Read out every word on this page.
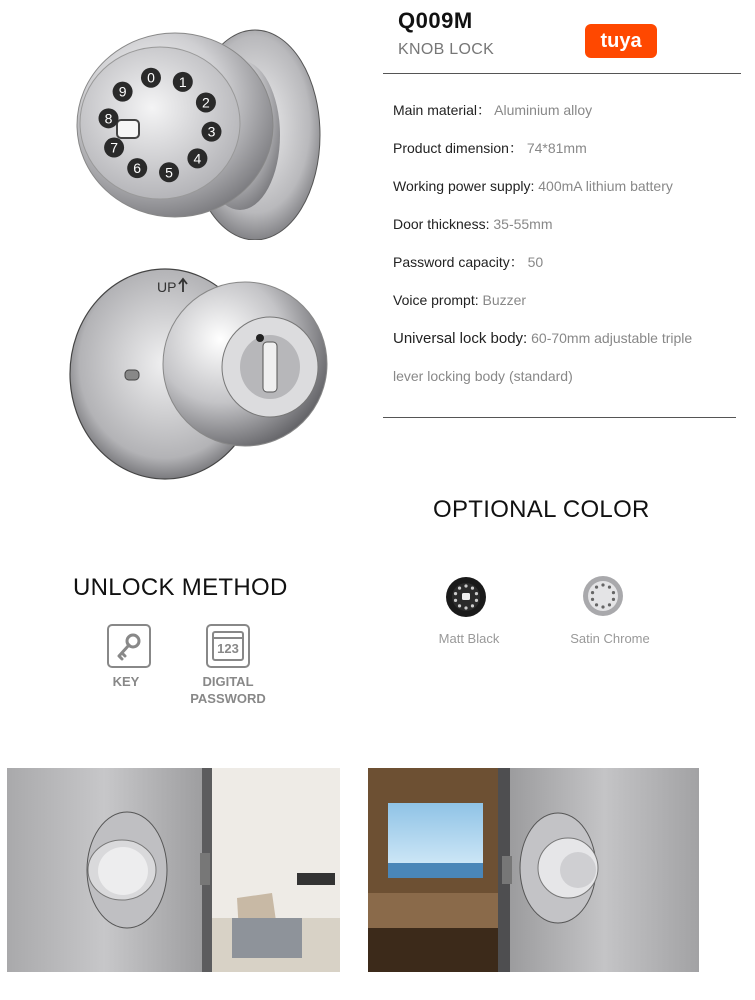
Q009M
KNOB LOCK	tuya
Main material： Aluminium alloy
Product dimension： 74*81mm
Working power supply: 400mA lithium battery
Door thickness: 35-55mm
Password capacity： 50
Voice prompt: Buzzer
Universal lock body: 60-70mm adjustable triple
lever locking body (standard)
0 1
2
3
4
5
6
7
8
9
UP
OPTIONAL COLOR
Matt Black	Satin Chrome
UNLOCK METHOD
KEY
123
DIGITAL
PASSWORD
